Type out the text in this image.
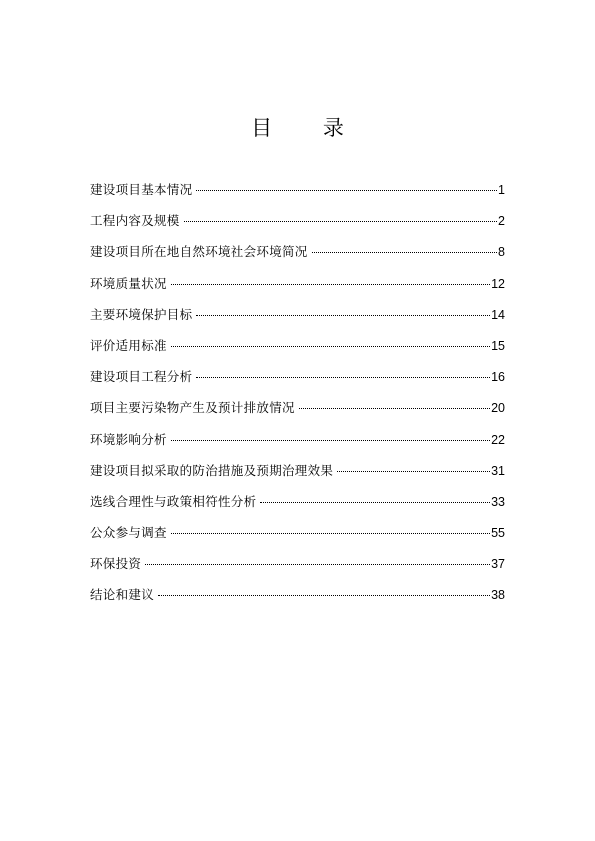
目 录
建设项目基本情况	1
工程内容及规模	2
建设项目所在地自然环境社会环境简况	8
环境质量状况	12
主要环境保护目标	14
评价适用标准	15
建设项目工程分析	16
项目主要污染物产生及预计排放情况	20
环境影响分析	22
建设项目拟采取的防治措施及预期治理效果	31
选线合理性与政策相符性分析	33
公众参与调查	55
环保投资	37
结论和建议	38
